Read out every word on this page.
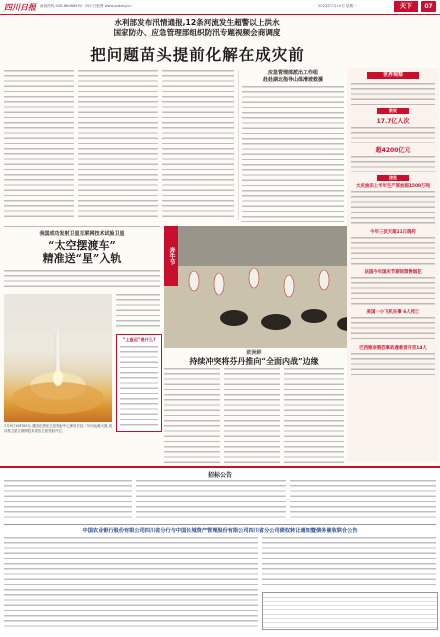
四川日报 新闻热线:028-86968592 · 四川日报网 www.scdaily.cn	2023年7月10日 星期一	天下	07
水利部发布汛情通报,12条河流发生超警以上洪水
国家防办、应急管理部组织防汛专题视频会商调度
把问题苗头提前化解在成灾前
应急管理部派出工作组
赴赴湖北指导山体滑坡救援
我国成功发射卫星互联网技术试验卫星
“太空摆渡车”
精准送“星”入轨
7月9日19时00分,我国在酒泉卫星发射中心使用长征二号丙运载火箭,成功将卫星互联网技术试验卫星发射升空。
“上直运”是什么?
奔牛节
欧洲鲜
持续冲突将芬丹推向“全面内战”边缘
世界观察
数说
17.7亿人次
超4200亿元
速览
大庆油田上半年生产原油超1500万吨
今年三伏天超11日鸽药
法国今年国庆节期间禁售烟花
美国一小飞机失事 6人死亡
巴西维奈假恐事故遇难者升至14人
招标公告
中国农业银行股份有限公司四川省分行与中国长城资产管理股份有限公司四川省分公司债权转让通知暨债务催收联合公告
